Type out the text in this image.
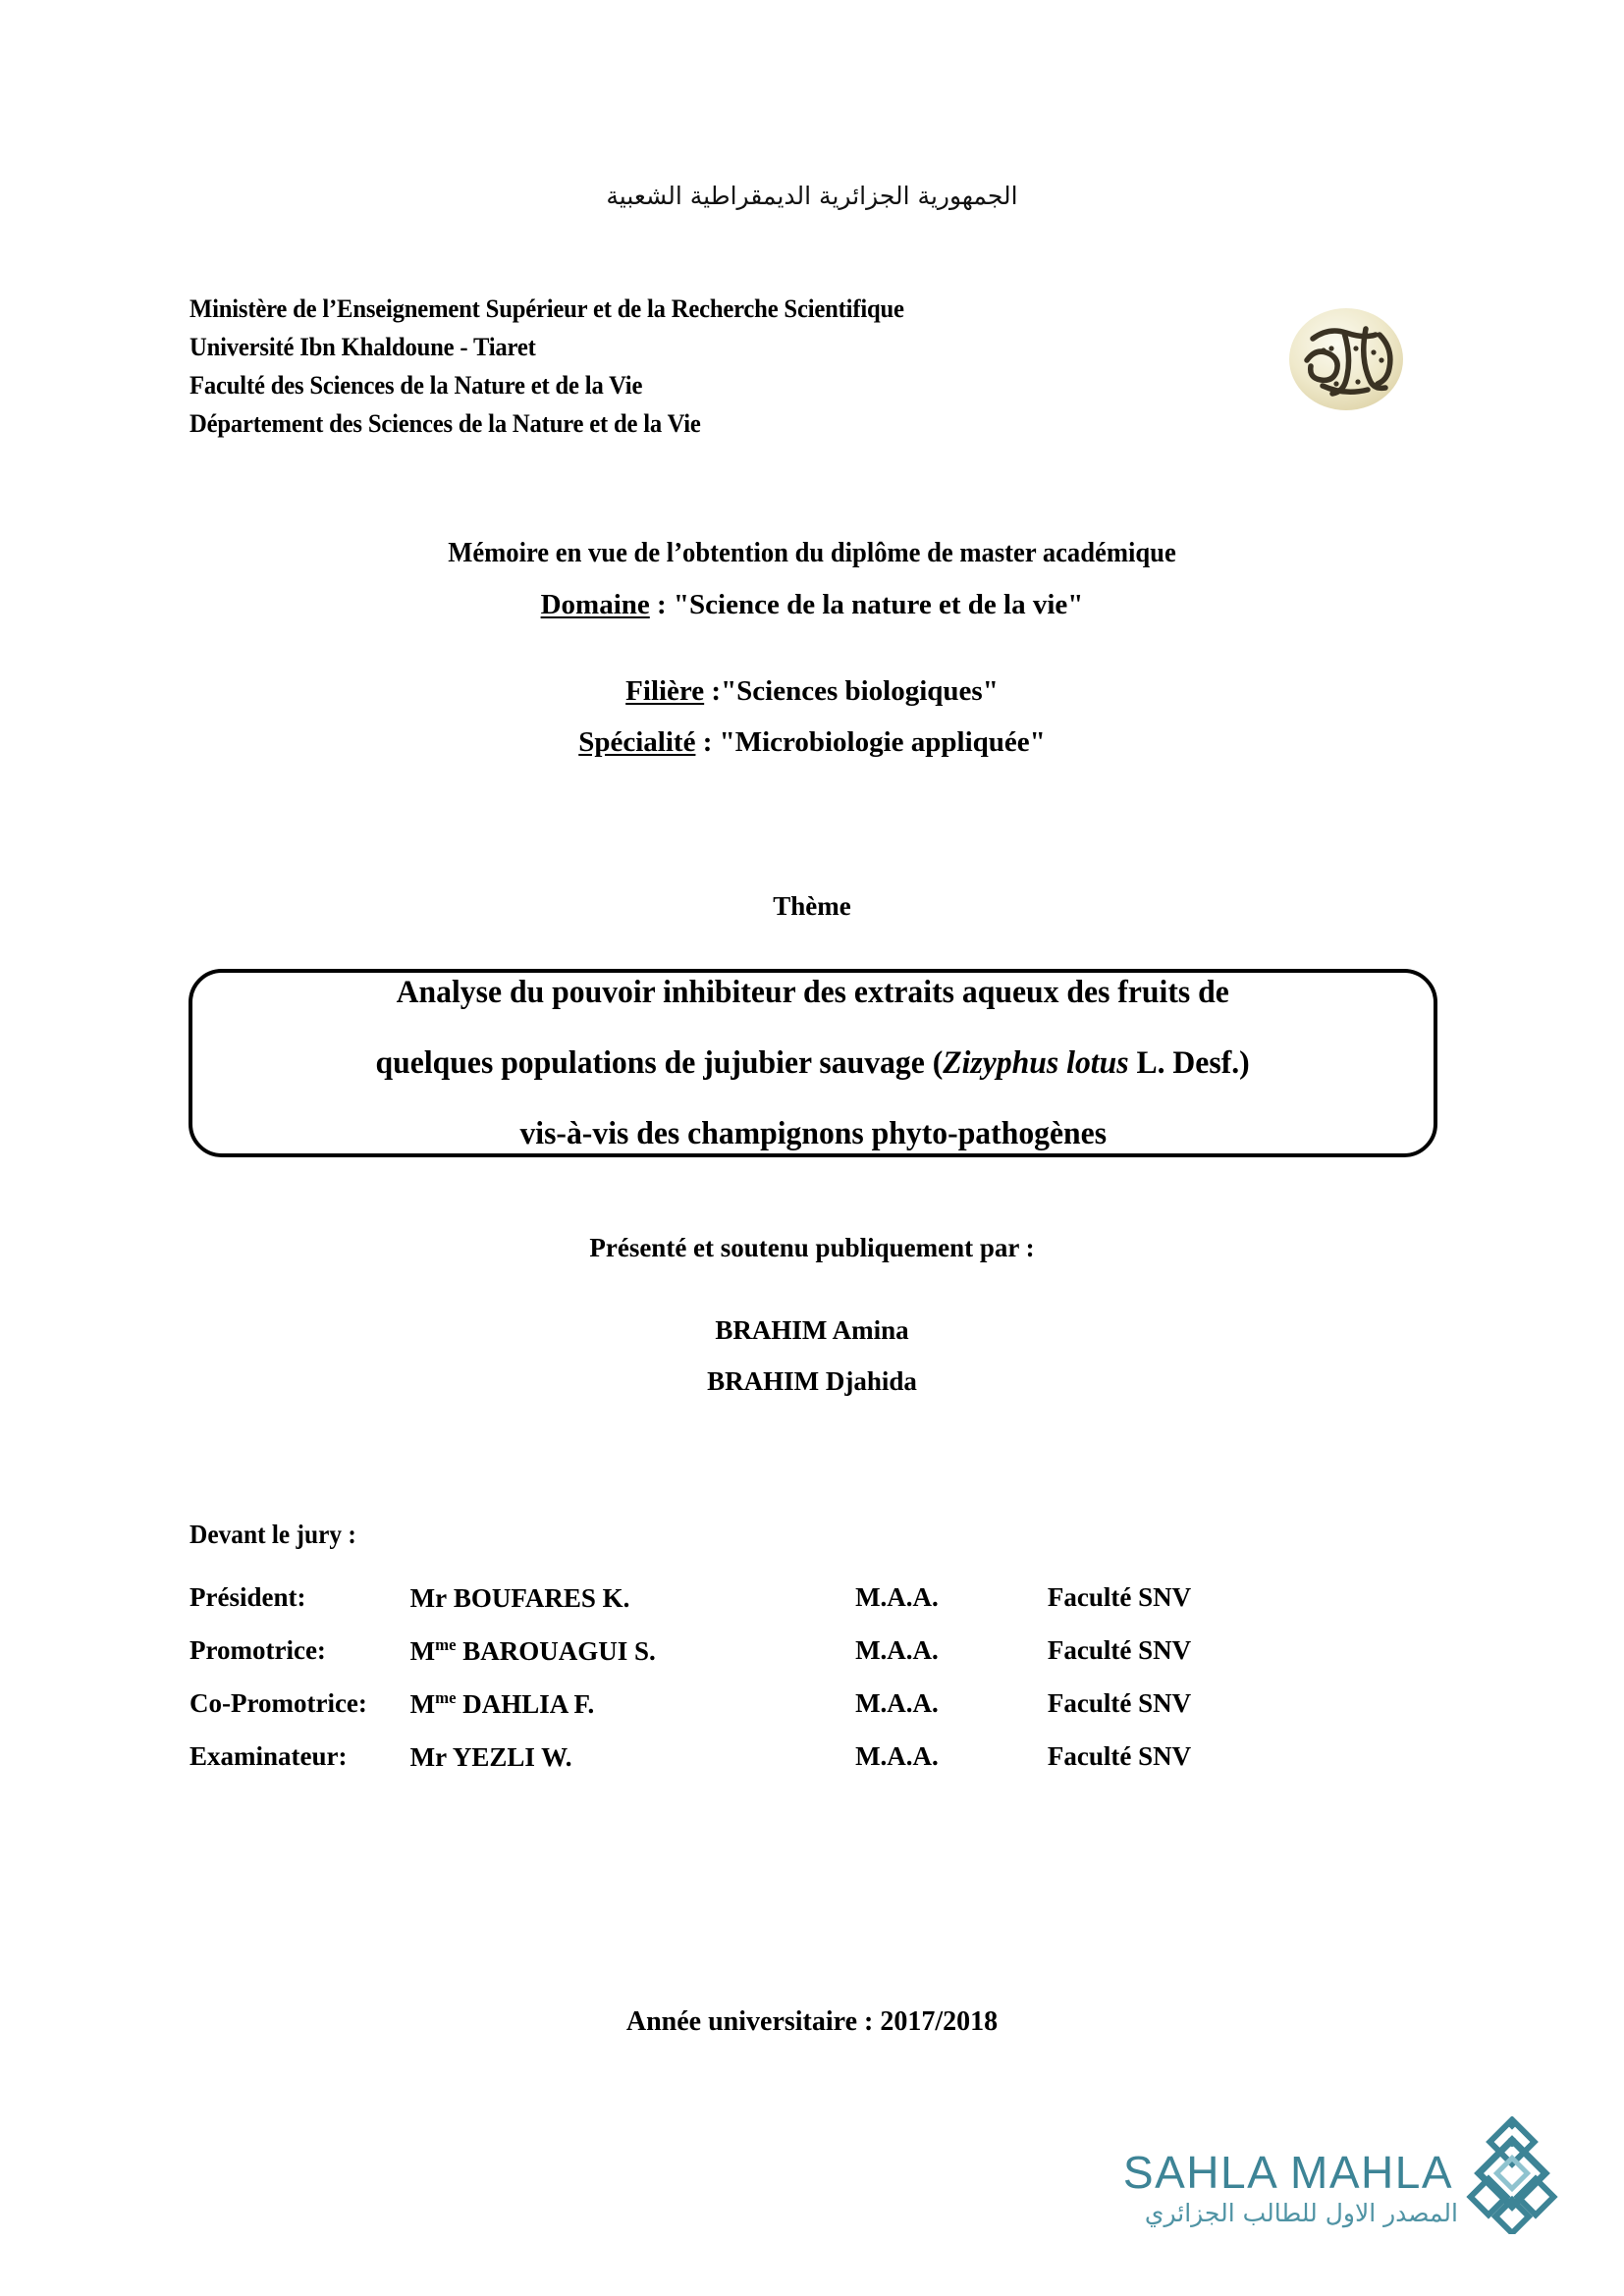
الجمهورية الجزائرية الديمقراطية الشعبية
Ministère de l’Enseignement Supérieur et de la Recherche Scientifique
Université Ibn Khaldoune - Tiaret
Faculté des Sciences de la Nature et de la Vie
Département des Sciences de la Nature et de la Vie
Mémoire en vue de l’obtention du diplôme de master académique
Domaine : "Science de la nature et de la vie"
Filière :"Sciences biologiques"
Spécialité : "Microbiologie appliquée"
Thème
Analyse du pouvoir inhibiteur des extraits aqueux des fruits de
quelques populations de jujubier sauvage (Zizyphus lotus L. Desf.)
vis-à-vis des champignons phyto-pathogènes
Présenté et soutenu publiquement par :
BRAHIM Amina
BRAHIM Djahida
Devant le jury :
Président:	Mr BOUFARES K.	M.A.A.	Faculté SNV
Promotrice:	$M^{me}$ BAROUAGUI S.	M.A.A.	Faculté SNV
Co-Promotrice:	$M^{me}$ DAHLIA F.	M.A.A.	Faculté SNV
Examinateur:	Mr YEZLI W.	M.A.A.	Faculté SNV
Année universitaire : 2017/2018
SAHLA MAHLA
المصدر الاول للطالب الجزائري
